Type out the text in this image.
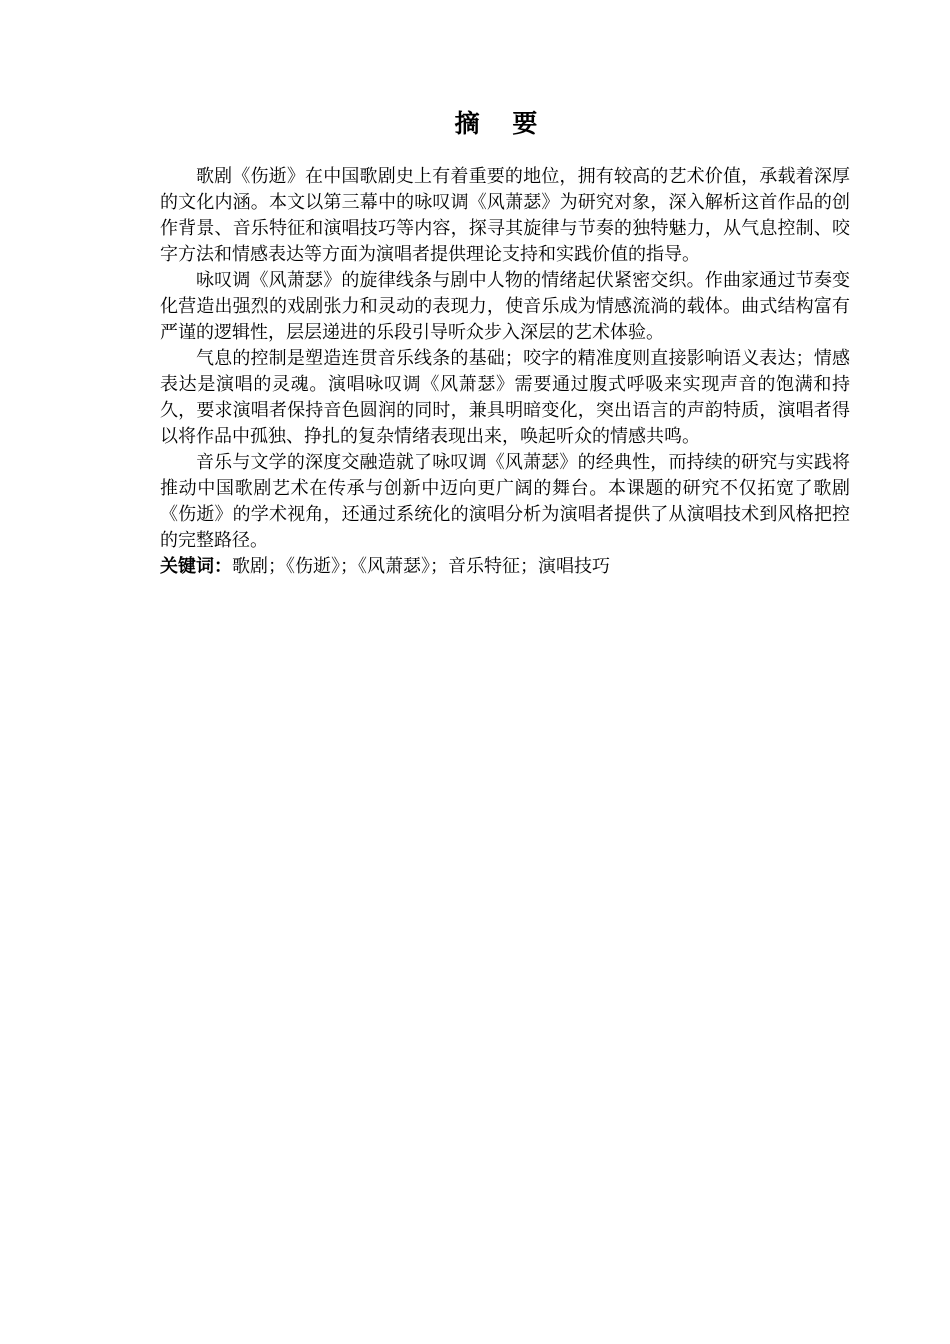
摘 要

歌剧《伤逝》在中国歌剧史上有着重要的地位，拥有较高的艺术价值，承载着深厚的文化内涵。本文以第三幕中的咏叹调《风萧瑟》为研究对象，深入解析这首作品的创作背景、音乐特征和演唱技巧等内容，探寻其旋律与节奏的独特魅力，从气息控制、咬字方法和情感表达等方面为演唱者提供理论支持和实践价值的指导。

咏叹调《风萧瑟》的旋律线条与剧中人物的情绪起伏紧密交织。作曲家通过节奏变化营造出强烈的戏剧张力和灵动的表现力，使音乐成为情感流淌的载体。曲式结构富有严谨的逻辑性，层层递进的乐段引导听众步入深层的艺术体验。

气息的控制是塑造连贯音乐线条的基础；咬字的精准度则直接影响语义表达；情感表达是演唱的灵魂。演唱咏叹调《风萧瑟》需要通过腹式呼吸来实现声音的饱满和持久，要求演唱者保持音色圆润的同时，兼具明暗变化，突出语言的声韵特质，演唱者得以将作品中孤独、挣扎的复杂情绪表现出来，唤起听众的情感共鸣。

音乐与文学的深度交融造就了咏叹调《风萧瑟》的经典性，而持续的研究与实践将推动中国歌剧艺术在传承与创新中迈向更广阔的舞台。本课题的研究不仅拓宽了歌剧《伤逝》的学术视角，还通过系统化的演唱分析为演唱者提供了从演唱技术到风格把控的完整路径。

关键词：歌剧；《伤逝》；《风萧瑟》；音乐特征；演唱技巧
